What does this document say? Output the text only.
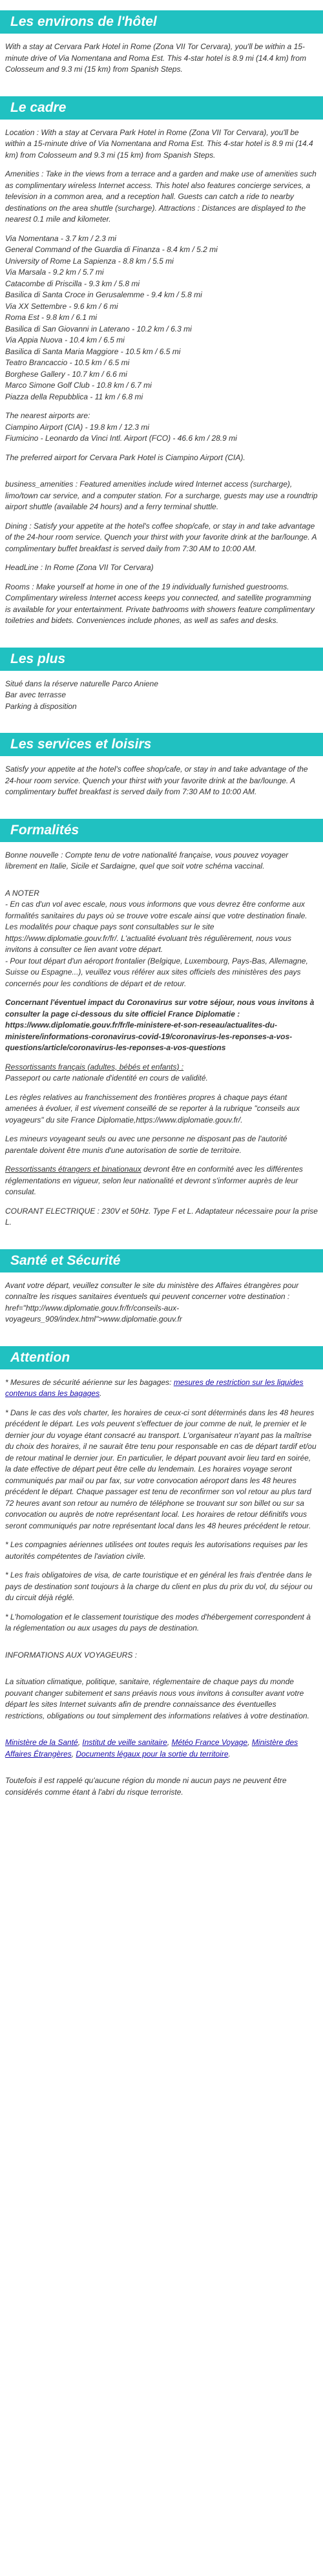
Les environs de l'hôtel

With a stay at Cervara Park Hotel in Rome (Zona VII Tor Cervara), you'll be within a 15-minute drive of Via Nomentana and Roma Est. This 4-star hotel is 8.9 mi (14.4 km) from Colosseum and 9.3 mi (15 km) from Spanish Steps.

Le cadre

Location : With a stay at Cervara Park Hotel in Rome (Zona VII Tor Cervara), you'll be within a 15-minute drive of Via Nomentana and Roma Est. This 4-star hotel is 8.9 mi (14.4 km) from Colosseum and 9.3 mi (15 km) from Spanish Steps.

Amenities : Take in the views from a terrace and a garden and make use of amenities such as complimentary wireless Internet access. This hotel also features concierge services, a television in a common area, and a reception hall. Guests can catch a ride to nearby destinations on the area shuttle (surcharge). Attractions : Distances are displayed to the nearest 0.1 mile and kilometer.

Via Nomentana - 3.7 km / 2.3 mi
General Command of the Guardia di Finanza - 8.4 km / 5.2 mi
University of Rome La Sapienza - 8.8 km / 5.5 mi
Via Marsala - 9.2 km / 5.7 mi
Catacombe di Priscilla - 9.3 km / 5.8 mi
Basilica di Santa Croce in Gerusalemme - 9.4 km / 5.8 mi
Via XX Settembre - 9.6 km / 6 mi
Roma Est - 9.8 km / 6.1 mi
Basilica di San Giovanni in Laterano - 10.2 km / 6.3 mi
Via Appia Nuova - 10.4 km / 6.5 mi
Basilica di Santa Maria Maggiore - 10.5 km / 6.5 mi
Teatro Brancaccio - 10.5 km / 6.5 mi
Borghese Gallery - 10.7 km / 6.6 mi
Marco Simone Golf Club - 10.8 km / 6.7 mi
Piazza della Repubblica - 11 km / 6.8 mi

The nearest airports are:
Ciampino Airport (CIA) - 19.8 km / 12.3 mi
Fiumicino - Leonardo da Vinci Intl. Airport (FCO) - 46.6 km / 28.9 mi

The preferred airport for Cervara Park Hotel is Ciampino Airport (CIA).

business_amenities : Featured amenities include wired Internet access (surcharge), limo/town car service, and a computer station. For a surcharge, guests may use a roundtrip airport shuttle (available 24 hours) and a ferry terminal shuttle.

Dining : Satisfy your appetite at the hotel's coffee shop/cafe, or stay in and take advantage of the 24-hour room service. Quench your thirst with your favorite drink at the bar/lounge. A complimentary buffet breakfast is served daily from 7:30 AM to 10:00 AM.

HeadLine : In Rome (Zona VII Tor Cervara)

Rooms : Make yourself at home in one of the 19 individually furnished guestrooms. Complimentary wireless Internet access keeps you connected, and satellite programming is available for your entertainment. Private bathrooms with showers feature complimentary toiletries and bidets. Conveniences include phones, as well as safes and desks.

Les plus

Situé dans la réserve naturelle Parco Aniene
Bar avec terrasse
Parking à disposition

Les services et loisirs

Satisfy your appetite at the hotel's coffee shop/cafe, or stay in and take advantage of the 24-hour room service. Quench your thirst with your favorite drink at the bar/lounge. A complimentary buffet breakfast is served daily from 7:30 AM to 10:00 AM.

Formalités

Bonne nouvelle : Compte tenu de votre nationalité française, vous pouvez voyager librement en Italie, Sicile et Sardaigne, quel que soit votre schéma vaccinal.

A NOTER
- En cas d'un vol avec escale, nous vous informons que vous devrez être conforme aux formalités sanitaires du pays où se trouve votre escale ainsi que votre destination finale.
Les modalités pour chaque pays sont consultables sur le site https://www.diplomatie.gouv.fr/fr/. L'actualité évoluant très régulièrement, nous vous invitons à consulter ce lien avant votre départ.
- Pour tout départ d'un aéroport frontalier (Belgique, Luxembourg, Pays-Bas, Allemagne, Suisse ou Espagne...), veuillez vous référer aux sites officiels des ministères des pays concernés pour les conditions de départ et de retour.

Concernant l'éventuel impact du Coronavirus sur votre séjour, nous vous invitons à consulter la page ci-dessous du site officiel France Diplomatie : https://www.diplomatie.gouv.fr/fr/le-ministere-et-son-reseau/actualites-du-ministere/informations-coronavirus-covid-19/coronavirus-les-reponses-a-vos-questions/article/coronavirus-les-reponses-a-vos-questions

Ressortissants français (adultes, bébés et enfants) :
Passeport ou carte nationale d'identité en cours de validité.

Les règles relatives au franchissement des frontières propres à chaque pays étant amenées à évoluer, il est vivement conseillé de se reporter à la rubrique "conseils aux voyageurs" du site France Diplomatie,https://www.diplomatie.gouv.fr/.

Les mineurs voyageant seuls ou avec une personne ne disposant pas de l'autorité parentale doivent être munis d'une autorisation de sortie de territoire.

Ressortissants étrangers et binationaux devront être en conformité avec les différentes réglementations en vigueur, selon leur nationalité et devront s'informer auprès de leur consulat.

COURANT ELECTRIQUE : 230V et 50Hz. Type F et L. Adaptateur nécessaire pour la prise L.

Santé et Sécurité

Avant votre départ, veuillez consulter le site du ministère des Affaires étrangères pour connaître les risques sanitaires éventuels qui peuvent concerner votre destination : href="http://www.diplomatie.gouv.fr/fr/conseils-aux-voyageurs_909/index.html">www.diplomatie.gouv.fr

Attention

* Mesures de sécurité aérienne sur les bagages: mesures de restriction sur les liquides contenus dans les bagages.

* Dans le cas des vols charter, les horaires de ceux-ci sont déterminés dans les 48 heures précédent le départ. Les vols peuvent s'effectuer de jour comme de nuit, le premier et le dernier jour du voyage étant consacré au transport. L'organisateur n'ayant pas la maîtrise du choix des horaires, il ne saurait être tenu pour responsable en cas de départ tardif et/ou de retour matinal le dernier jour. En particulier, le départ pouvant avoir lieu tard en soirée, la date effective de départ peut être celle du lendemain. Les horaires voyage seront communiqués par mail ou par fax, sur votre convocation aéroport dans les 48 heures précédent le départ. Chaque passager est tenu de reconfirmer son vol retour au plus tard 72 heures avant son retour au numéro de téléphone se trouvant sur son billet ou sur sa convocation ou auprès de notre représentant local. Les horaires de retour définitifs vous seront communiqués par notre représentant local dans les 48 heures précédent le retour.

* Les compagnies aériennes utilisées ont toutes requis les autorisations requises par les autorités compétentes de l'aviation civile.

* Les frais obligatoires de visa, de carte touristique et en général les frais d'entrée dans le pays de destination sont toujours à la charge du client en plus du prix du vol, du séjour ou du circuit déjà réglé.

* L'homologation et le classement touristique des modes d'hébergement correspondent à la réglementation ou aux usages du pays de destination.

INFORMATIONS AUX VOYAGEURS :

La situation climatique, politique, sanitaire, réglementaire de chaque pays du monde pouvant changer subitement et sans préavis nous vous invitons à consulter avant votre départ les sites Internet suivants afin de prendre connaissance des éventuelles restrictions, obligations ou tout simplement des informations relatives à votre destination.

Ministère de la Santé, Institut de veille sanitaire, Météo France Voyage, Ministère des Affaires Étrangères, Documents légaux pour la sortie du territoire.

Toutefois il est rappelé qu'aucune région du monde ni aucun pays ne peuvent être considérés comme étant à l'abri du risque terroriste.
